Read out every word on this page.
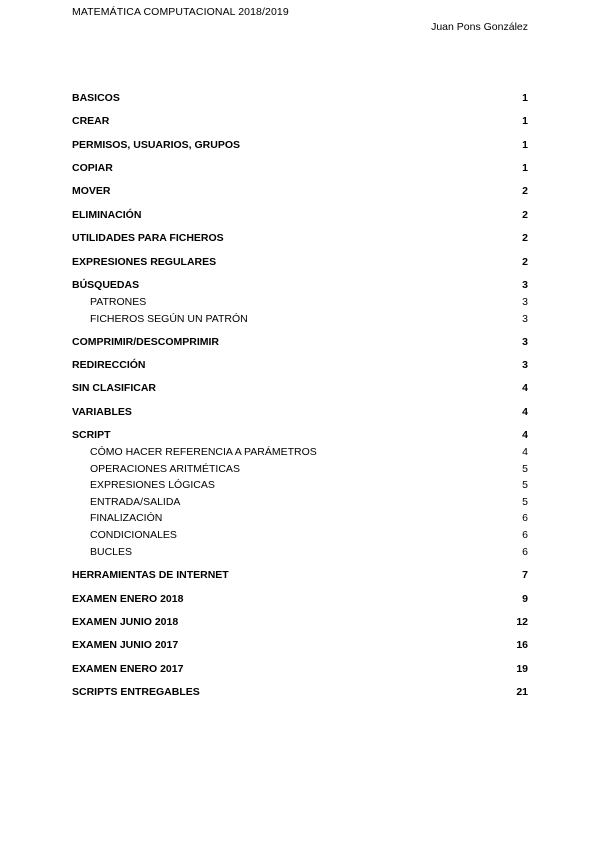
MATEMÁTICA COMPUTACIONAL 2018/2019
Juan Pons González
BASICOS	1
CREAR	1
PERMISOS, USUARIOS, GRUPOS	1
COPIAR	1
MOVER	2
ELIMINACIÓN	2
UTILIDADES PARA FICHEROS	2
EXPRESIONES REGULARES	2
BÚSQUEDAS	3
PATRONES	3
FICHEROS SEGÚN UN PATRÓN	3
COMPRIMIR/DESCOMPRIMIR	3
REDIRECCIÓN	3
SIN CLASIFICAR	4
VARIABLES	4
SCRIPT	4
CÓMO HACER REFERENCIA A PARÁMETROS	4
OPERACIONES ARITMÉTICAS	5
EXPRESIONES LÓGICAS	5
ENTRADA/SALIDA	5
FINALIZACIÓN	6
CONDICIONALES	6
BUCLES	6
HERRAMIENTAS DE INTERNET	7
EXAMEN ENERO 2018	9
EXAMEN JUNIO 2018	12
EXAMEN JUNIO 2017	16
EXAMEN ENERO 2017	19
SCRIPTS ENTREGABLES	21
